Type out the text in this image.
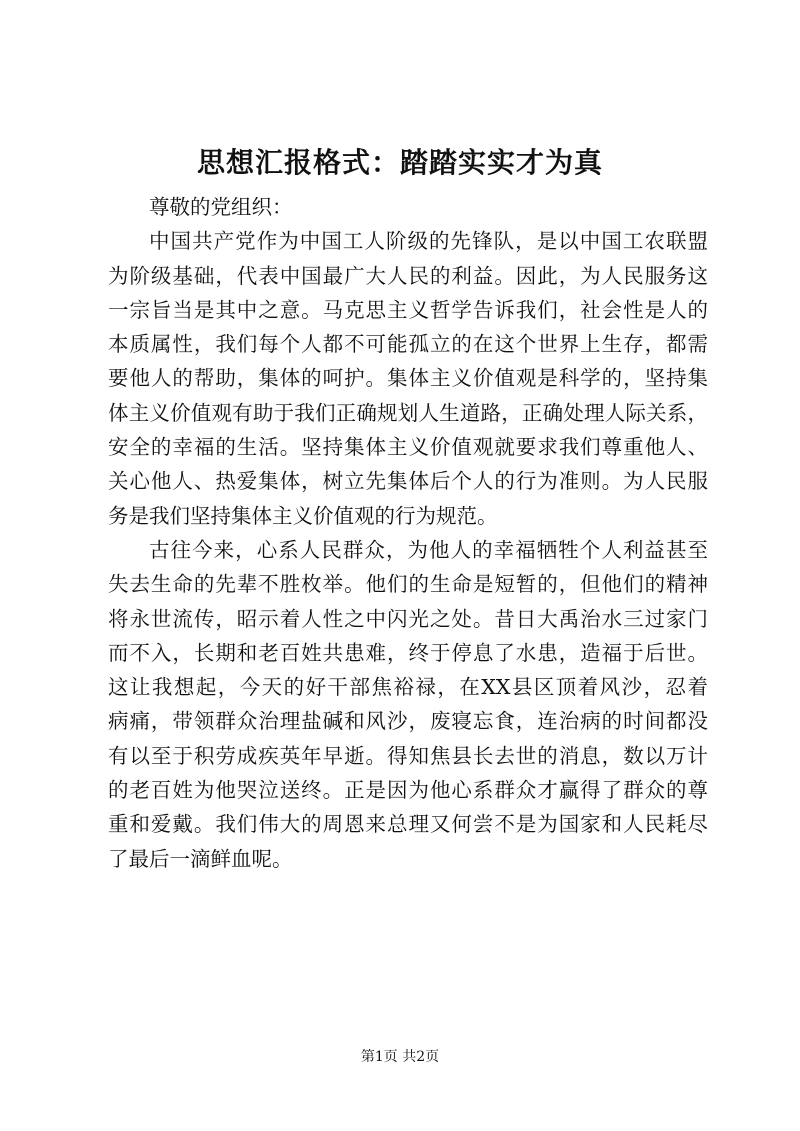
思想汇报格式：踏踏实实才为真

尊敬的党组织：

中国共产党作为中国工人阶级的先锋队，是以中国工农联盟
为阶级基础，代表中国最广大人民的利益。因此，为人民服务这
一宗旨当是其中之意。马克思主义哲学告诉我们，社会性是人的
本质属性，我们每个人都不可能孤立的在这个世界上生存，都需
要他人的帮助，集体的呵护。集体主义价值观是科学的，坚持集
体主义价值观有助于我们正确规划人生道路，正确处理人际关系，
安全的幸福的生活。坚持集体主义价值观就要求我们尊重他人、
关心他人、热爱集体，树立先集体后个人的行为准则。为人民服
务是我们坚持集体主义价值观的行为规范。

古往今来，心系人民群众，为他人的幸福牺牲个人利益甚至
失去生命的先辈不胜枚举。他们的生命是短暂的，但他们的精神
将永世流传，昭示着人性之中闪光之处。昔日大禹治水三过家门
而不入，长期和老百姓共患难，终于停息了水患，造福于后世。
这让我想起，今天的好干部焦裕禄，在XX县区顶着风沙，忍着
病痛，带领群众治理盐碱和风沙，废寝忘食，连治病的时间都没
有以至于积劳成疾英年早逝。得知焦县长去世的消息，数以万计
的老百姓为他哭泣送终。正是因为他心系群众才赢得了群众的尊
重和爱戴。我们伟大的周恩来总理又何尝不是为国家和人民耗尽
了最后一滴鲜血呢。

第1页 共2页
